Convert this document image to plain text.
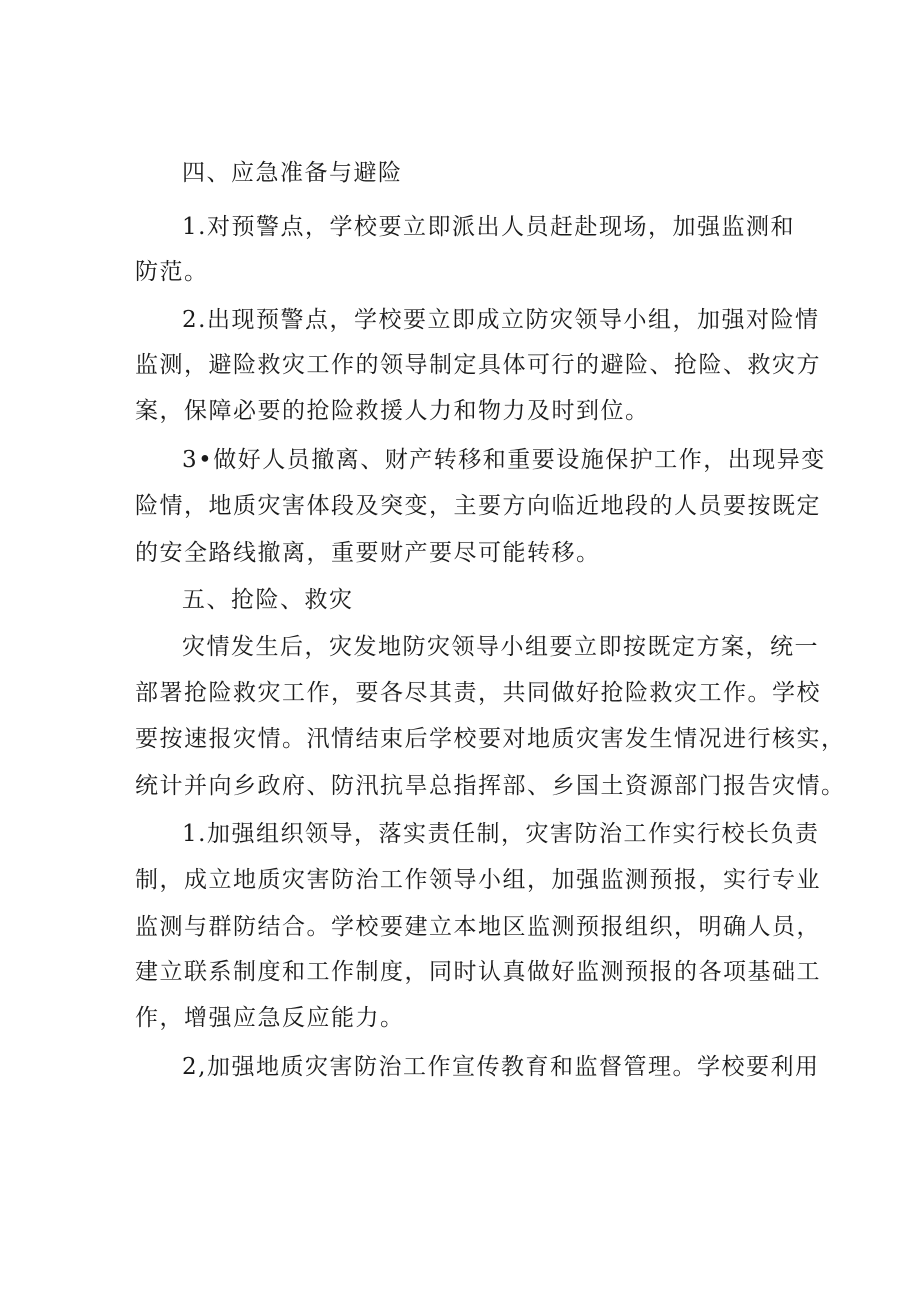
四、应急准备与避险
1.对预警点，学校要立即派出人员赶赴现场，加强监测和
防范。
2.出现预警点，学校要立即成立防灾领导小组，加强对险情
监测，避险救灾工作的领导制定具体可行的避险、抢险、救灾方
案，保障必要的抢险救援人力和物力及时到位。
3•做好人员撤离、财产转移和重要设施保护工作，出现异变
险情，地质灾害体段及突变，主要方向临近地段的人员要按既定
的安全路线撤离，重要财产要尽可能转移。
五、抢险、救灾
灾情发生后，灾发地防灾领导小组要立即按既定方案，统一
部署抢险救灾工作，要各尽其责，共同做好抢险救灾工作。学校
要按速报灾情。汛情结束后学校要对地质灾害发生情况进行核实，
统计并向乡政府、防汛抗旱总指挥部、乡国土资源部门报告灾情。
1.加强组织领导，落实责任制，灾害防治工作实行校长负责
制，成立地质灾害防治工作领导小组，加强监测预报，实行专业
监测与群防结合。学校要建立本地区监测预报组织，明确人员，
建立联系制度和工作制度，同时认真做好监测预报的各项基础工
作，增强应急反应能力。
2,加强地质灾害防治工作宣传教育和监督管理。学校要利用
